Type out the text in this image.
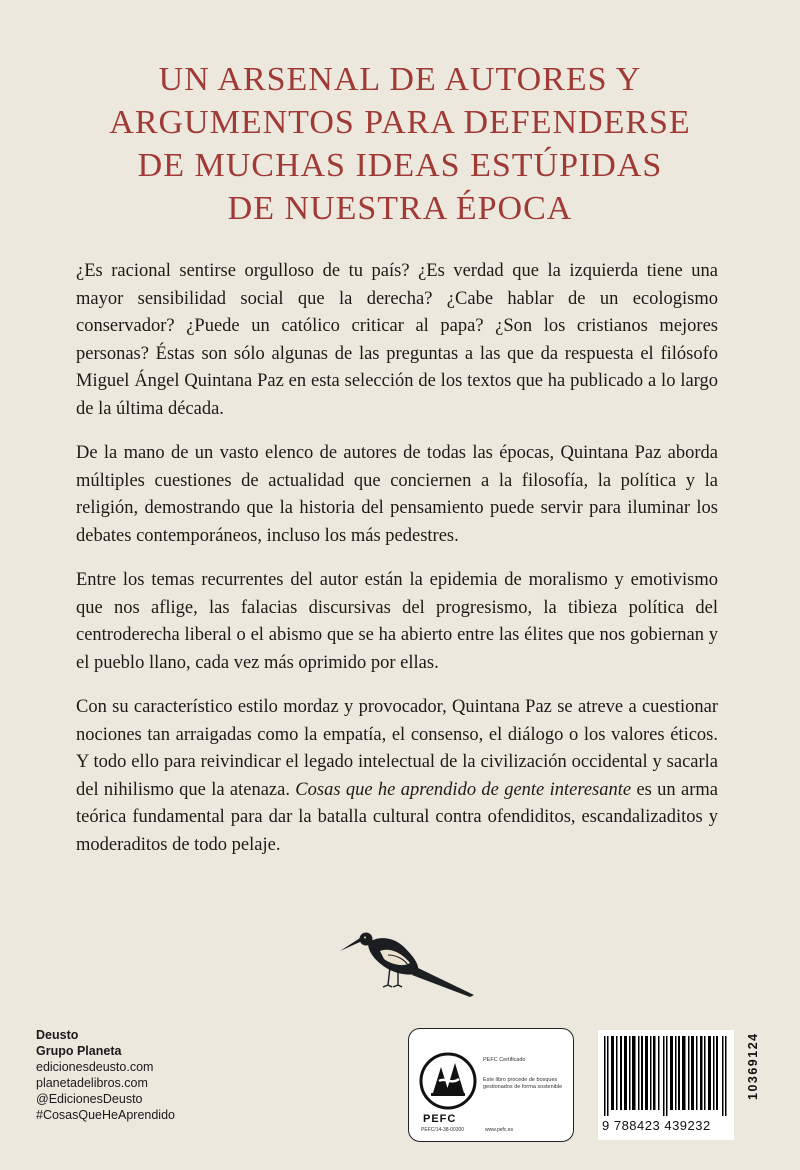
UN ARSENAL DE AUTORES Y
ARGUMENTOS PARA DEFENDERSE
DE MUCHAS IDEAS ESTÚPIDAS
DE NUESTRA ÉPOCA

¿Es racional sentirse orgulloso de tu país? ¿Es verdad que la izquierda tiene una mayor sensibilidad social que la derecha? ¿Cabe hablar de un ecologismo conservador? ¿Puede un católico criticar al papa? ¿Son los cristianos mejores personas? Éstas son sólo algunas de las preguntas a las que da respuesta el filósofo Miguel Ángel Quintana Paz en esta selección de los textos que ha publicado a lo largo de la última década.

De la mano de un vasto elenco de autores de todas las épocas, Quintana Paz aborda múltiples cuestiones de actualidad que conciernen a la filosofía, la política y la religión, demostrando que la historia del pensamiento puede servir para iluminar los debates contemporáneos, incluso los más pedestres.

Entre los temas recurrentes del autor están la epidemia de moralismo y emotivismo que nos aflige, las falacias discursivas del progresismo, la tibieza política del centroderecha liberal o el abismo que se ha abierto entre las élites que nos gobiernan y el pueblo llano, cada vez más oprimido por ellas.

Con su característico estilo mordaz y provocador, Quintana Paz se atreve a cuestionar nociones tan arraigadas como la empatía, el consenso, el diálogo o los valores éticos. Y todo ello para reivindicar el legado intelectual de la civilización occidental y sacarla del nihilismo que la atenaza. Cosas que he aprendido de gente interesante es un arma teórica fundamental para dar la batalla cultural contra ofendiditos, escandalizaditos y moderaditos de todo pelaje.

Deusto
Grupo Planeta
edicionesdeusto.com
planetadelibros.com
@EdicionesDeusto
#CosasQueHeAprendido	PEFC
PEFC Certificado
Este libro procede de bosques gestionados de forma sostenible
PEFC/14-38-00300	www.pefc.es	9 788423 439232
10369124
